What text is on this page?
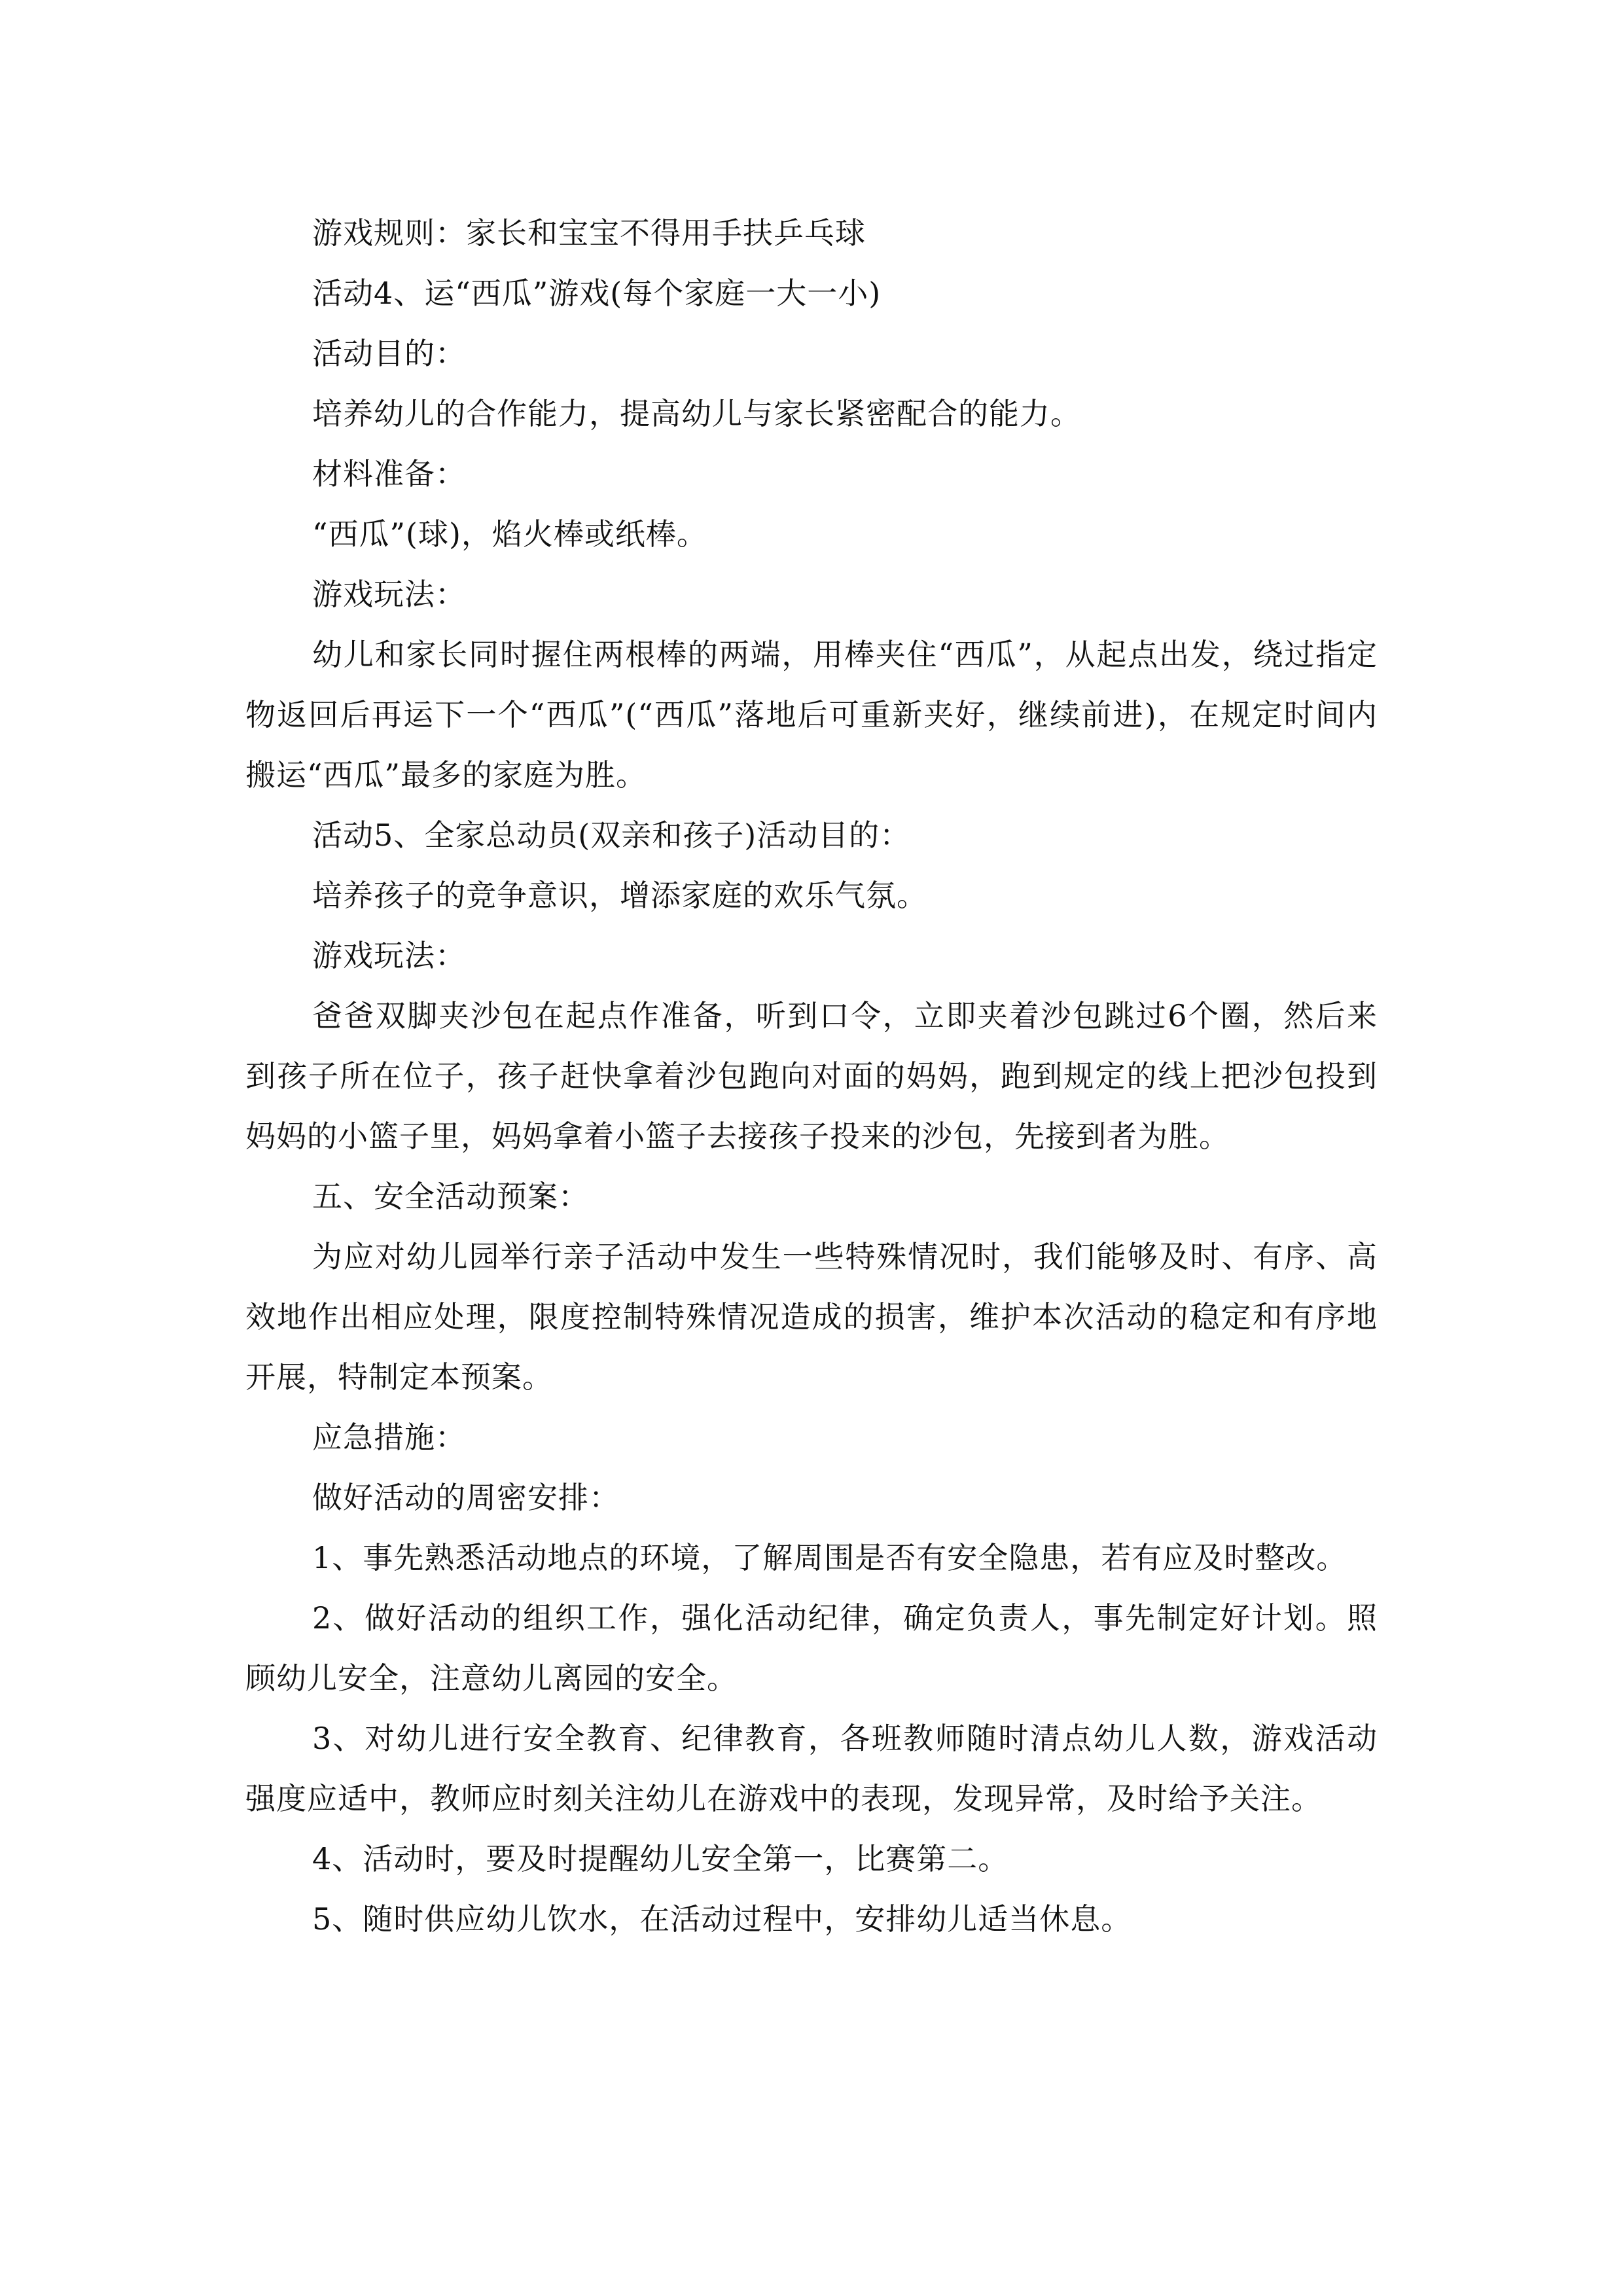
游戏规则：家长和宝宝不得用手扶乒乓球

活动4、运“西瓜”游戏(每个家庭一大一小)

活动目的：

培养幼儿的合作能力，提高幼儿与家长紧密配合的能力。

材料准备：

“西瓜”(球)，焰火棒或纸棒。

游戏玩法：

幼儿和家长同时握住两根棒的两端，用棒夹住“西瓜”，从起点出发，绕过指定物返回后再运下一个“西瓜”(“西瓜”落地后可重新夹好，继续前进)，在规定时间内搬运“西瓜”最多的家庭为胜。

活动5、全家总动员(双亲和孩子)活动目的：

培养孩子的竞争意识，增添家庭的欢乐气氛。

游戏玩法：

爸爸双脚夹沙包在起点作准备，听到口令，立即夹着沙包跳过6个圈，然后来到孩子所在位子，孩子赶快拿着沙包跑向对面的妈妈，跑到规定的线上把沙包投到妈妈的小篮子里，妈妈拿着小篮子去接孩子投来的沙包，先接到者为胜。

五、安全活动预案：

为应对幼儿园举行亲子活动中发生一些特殊情况时，我们能够及时、有序、高效地作出相应处理，限度控制特殊情况造成的损害，维护本次活动的稳定和有序地开展，特制定本预案。

应急措施：

做好活动的周密安排：

1、事先熟悉活动地点的环境，了解周围是否有安全隐患，若有应及时整改。

2、做好活动的组织工作，强化活动纪律，确定负责人，事先制定好计划。照顾幼儿安全，注意幼儿离园的安全。

3、对幼儿进行安全教育、纪律教育，各班教师随时清点幼儿人数，游戏活动强度应适中，教师应时刻关注幼儿在游戏中的表现，发现异常，及时给予关注。

4、活动时，要及时提醒幼儿安全第一，比赛第二。

5、随时供应幼儿饮水，在活动过程中，安排幼儿适当休息。
